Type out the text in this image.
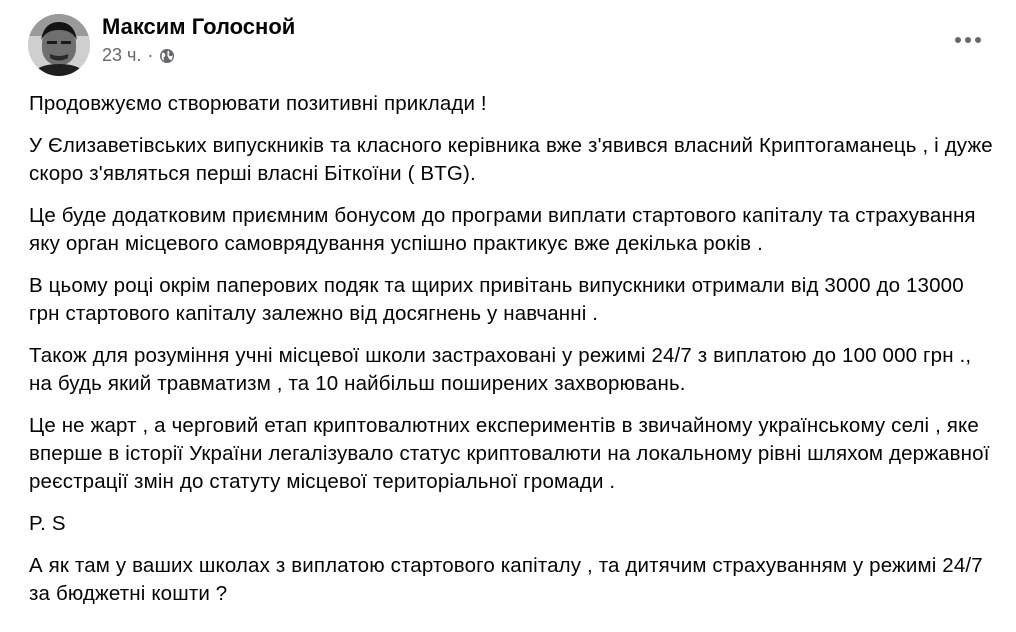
Максим Голосной
23 ч. ·

Продовжуємо створювати позитивні приклади !

У Єлизаветівських випускників та класного керівника вже з'явився власний Криптогаманець , і дуже скоро з'являться перші власні Біткоїни ( BTG).

Це буде додатковим приємним бонусом до програми виплати стартового капіталу та страхування яку орган місцевого самоврядування успішно практикує вже декілька років .

В цьому році окрім паперових подяк та щирих привітань випускники отримали від 3000 до 13000 грн стартового капіталу залежно від досягнень у навчанні .

Також для розуміння учні місцевої школи застраховані у режимі 24/7 з виплатою до 100 000 грн ., на будь який травматизм , та 10 найбільш поширених захворювань.

Це не жарт , а черговий етап криптовалютних експериментів в звичайному українському селі , яке вперше в історії України легалізувало статус криптовалюти на локальному рівні шляхом державної реєстрації змін до статуту місцевої територіальної громади .

P. S

А як там у ваших школах з виплатою стартового капіталу , та дитячим страхуванням у режимі 24/7 за бюджетні кошти ?
